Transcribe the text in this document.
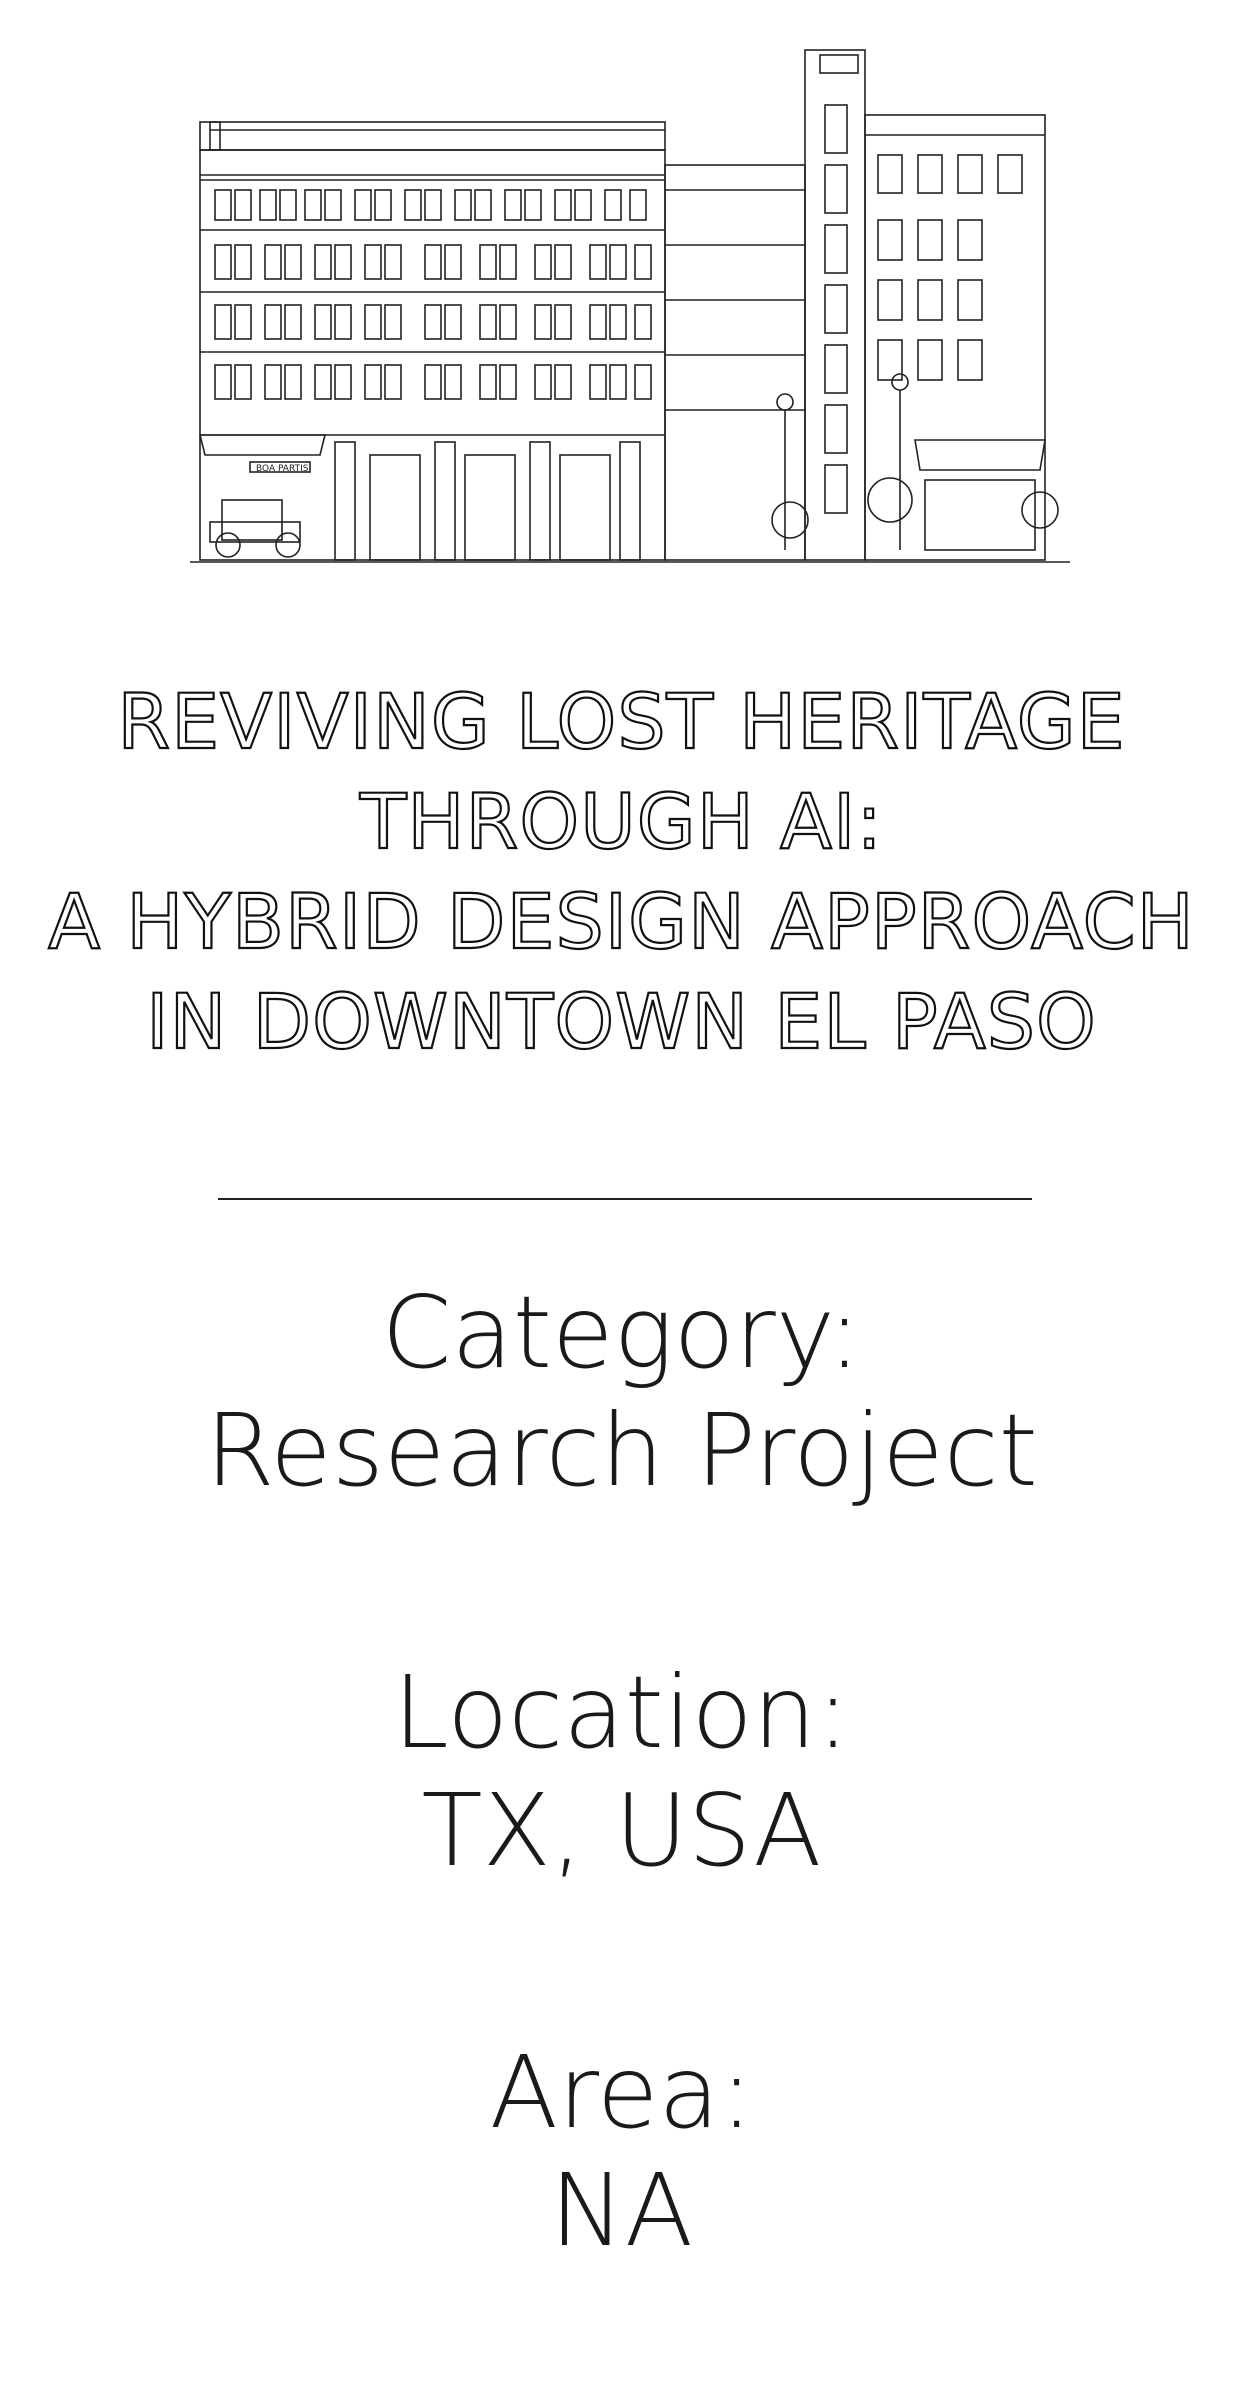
BOA PARTIS
REVIVING LOST HERITAGE
THROUGH AI:
A HYBRID DESIGN APPROACH
IN DOWNTOWN EL PASO
Category:
Research Project
Location:
TX, USA
Area:
NA
